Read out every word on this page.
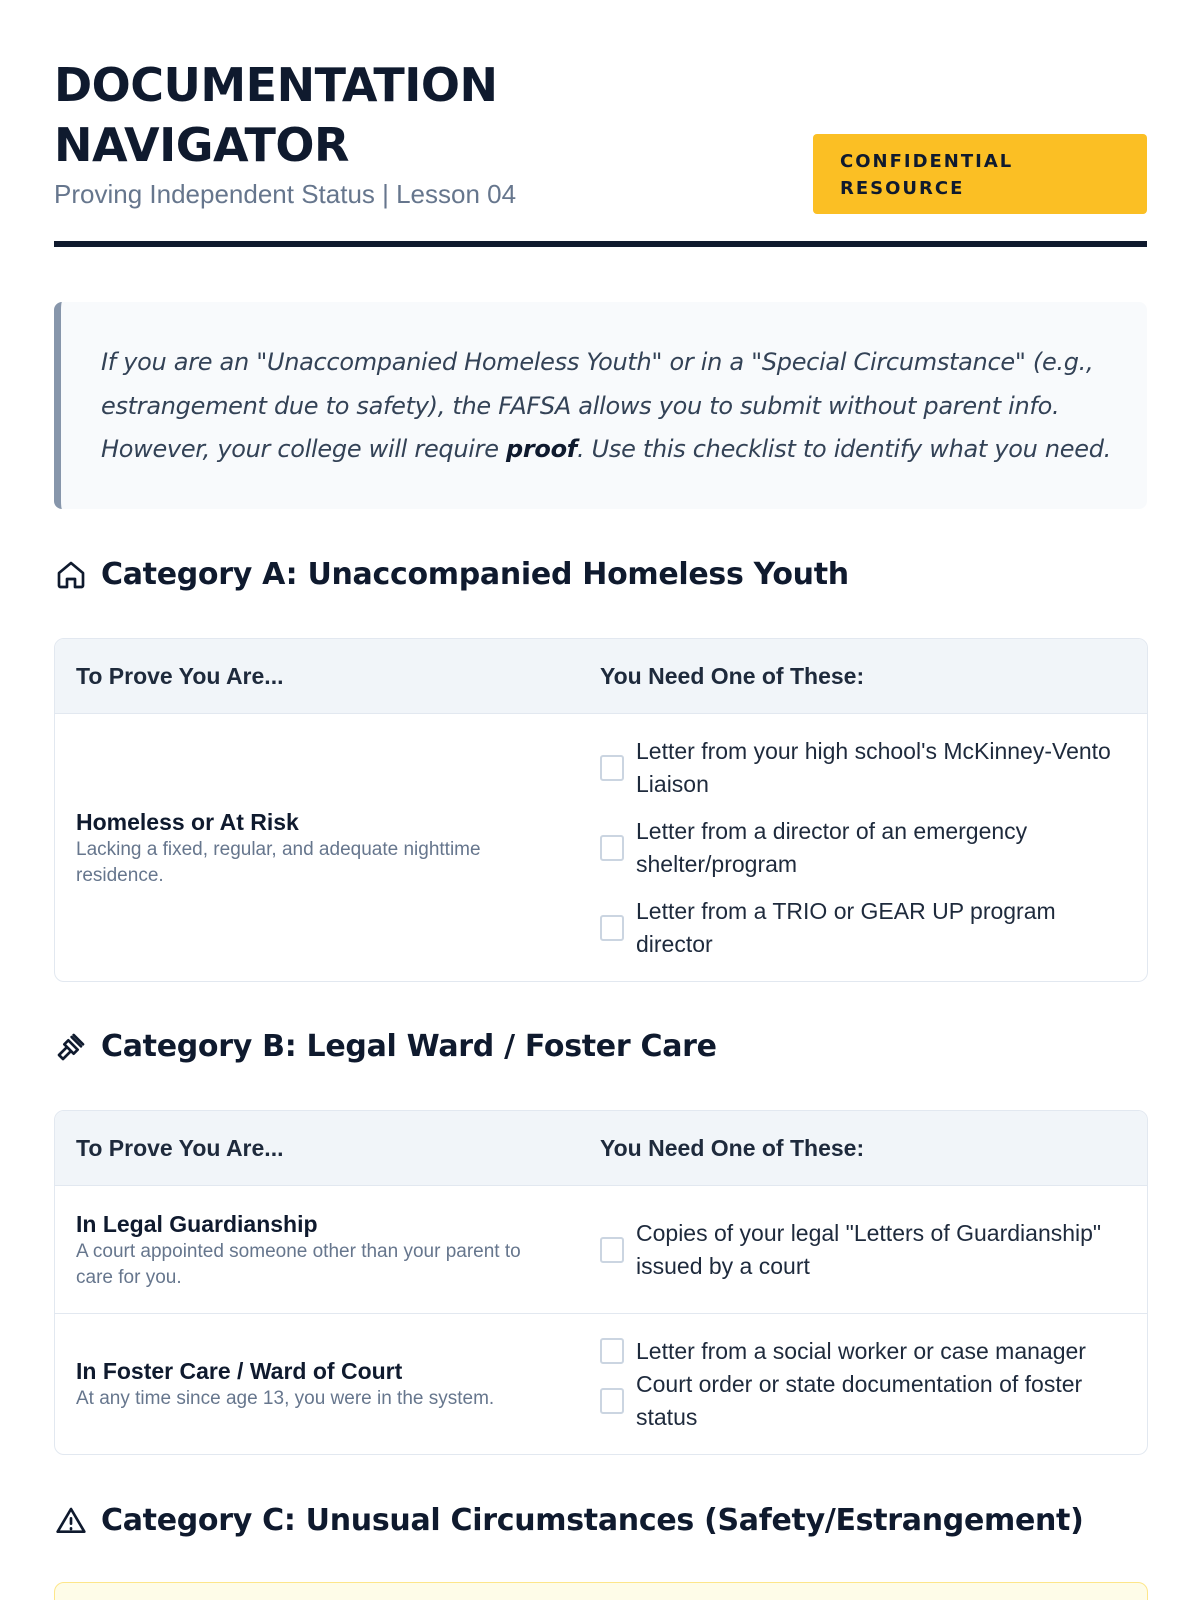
DOCUMENTATION NAVIGATOR
Proving Independent Status | Lesson 04
CONFIDENTIAL RESOURCE

If you are an "Unaccompanied Homeless Youth" or in a "Special Circumstance" (e.g., estrangement due to safety), the FAFSA allows you to submit without parent info. However, your college will require proof. Use this checklist to identify what you need.

Category A: Unaccompanied Homeless Youth
To Prove You Are...	You Need One of These:
Homeless or At Risk
Lacking a fixed, regular, and adequate nighttime residence.
Letter from your high school's McKinney-Vento Liaison
Letter from a director of an emergency shelter/program
Letter from a TRIO or GEAR UP program director
Category B: Legal Ward / Foster Care
To Prove You Are...	You Need One of These:
In Legal Guardianship
A court appointed someone other than your parent to care for you.
Copies of your legal "Letters of Guardianship" issued by a court
In Foster Care / Ward of Court
At any time since age 13, you were in the system.
Letter from a social worker or case manager
Court order or state documentation of foster status
Category C: Unusual Circumstances (Safety/Estrangement)
